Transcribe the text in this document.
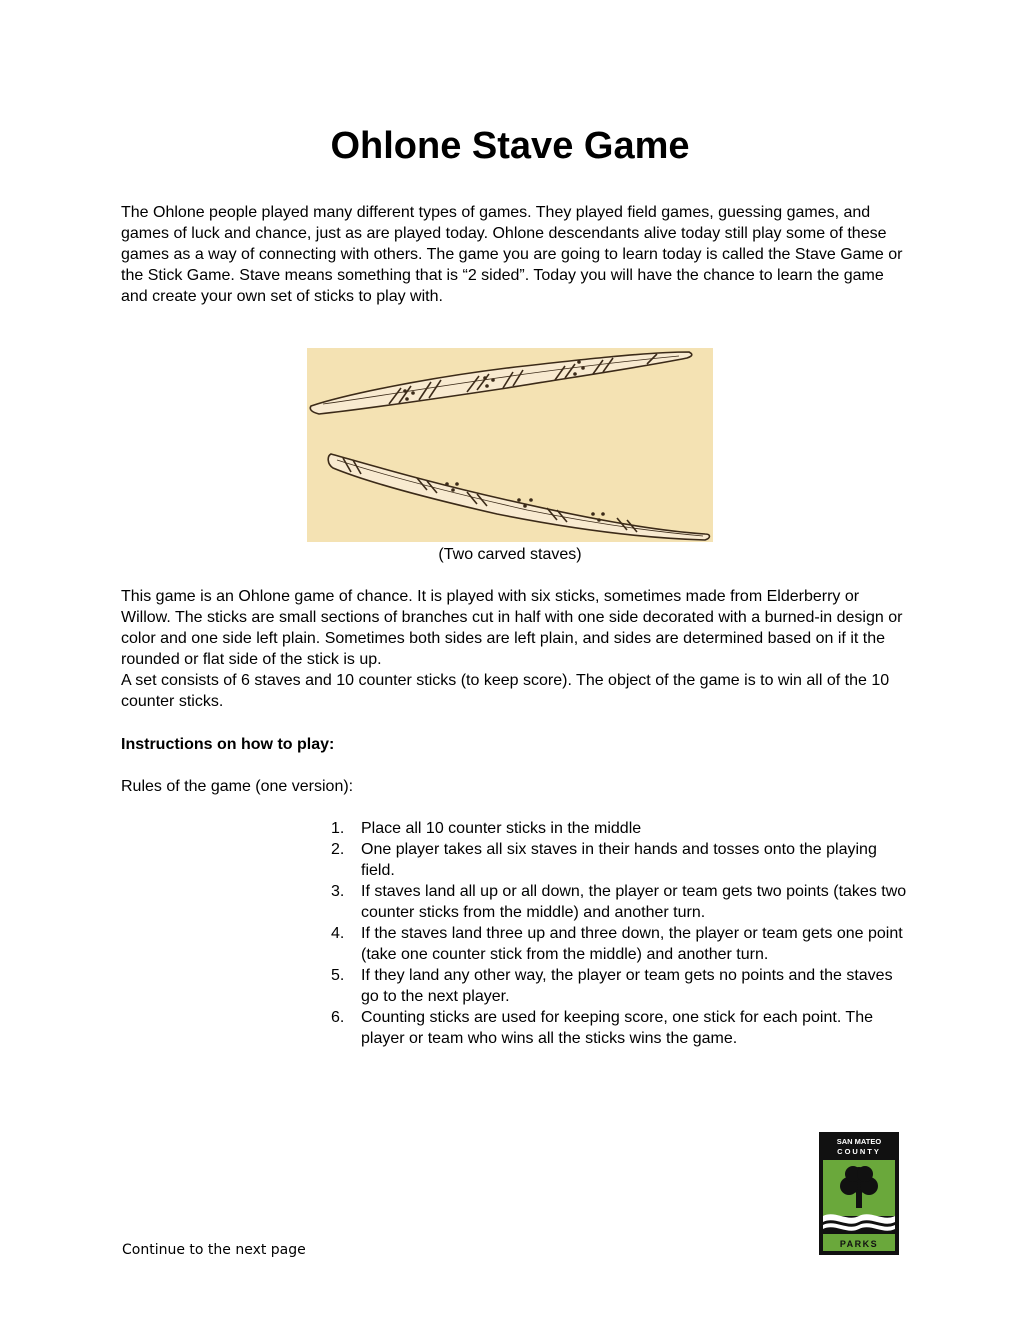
Ohlone Stave Game

The Ohlone people played many different types of games. They played field games, guessing games, and games of luck and chance, just as are played today. Ohlone descendants alive today still play some of these games as a way of connecting with others. The game you are going to learn today is called the Stave Game or the Stick Game. Stave means something that is “2 sided”. Today you will have the chance to learn the game and create your own set of sticks to play with.

(Two carved staves)
This game is an Ohlone game of chance. It is played with six sticks, sometimes made from Elderberry or Willow. The sticks are small sections of branches cut in half with one side decorated with a burned-in design or color and one side left plain. Sometimes both sides are left plain, and sides are determined based on if it the rounded or flat side of the stick is up.
A set consists of 6 staves and 10 counter sticks (to keep score). The object of the game is to win all of the 10 counter sticks.
Instructions on how to play:
Rules of the game (one version):
1. Place all 10 counter sticks in the middle
2. One player takes all six staves in their hands and tosses onto the playing field.
3. If staves land all up or all down, the player or team gets two points (takes two counter sticks from the middle) and another turn.
4. If the staves land three up and three down, the player or team gets one point (take one counter stick from the middle) and another turn.
5. If they land any other way, the player or team gets no points and the staves go to the next player.
6. Counting sticks are used for keeping score, one stick for each point. The player or team who wins all the sticks wins the game.
Continue to the next page
SAN MATEO
COUNTY
PARKS
